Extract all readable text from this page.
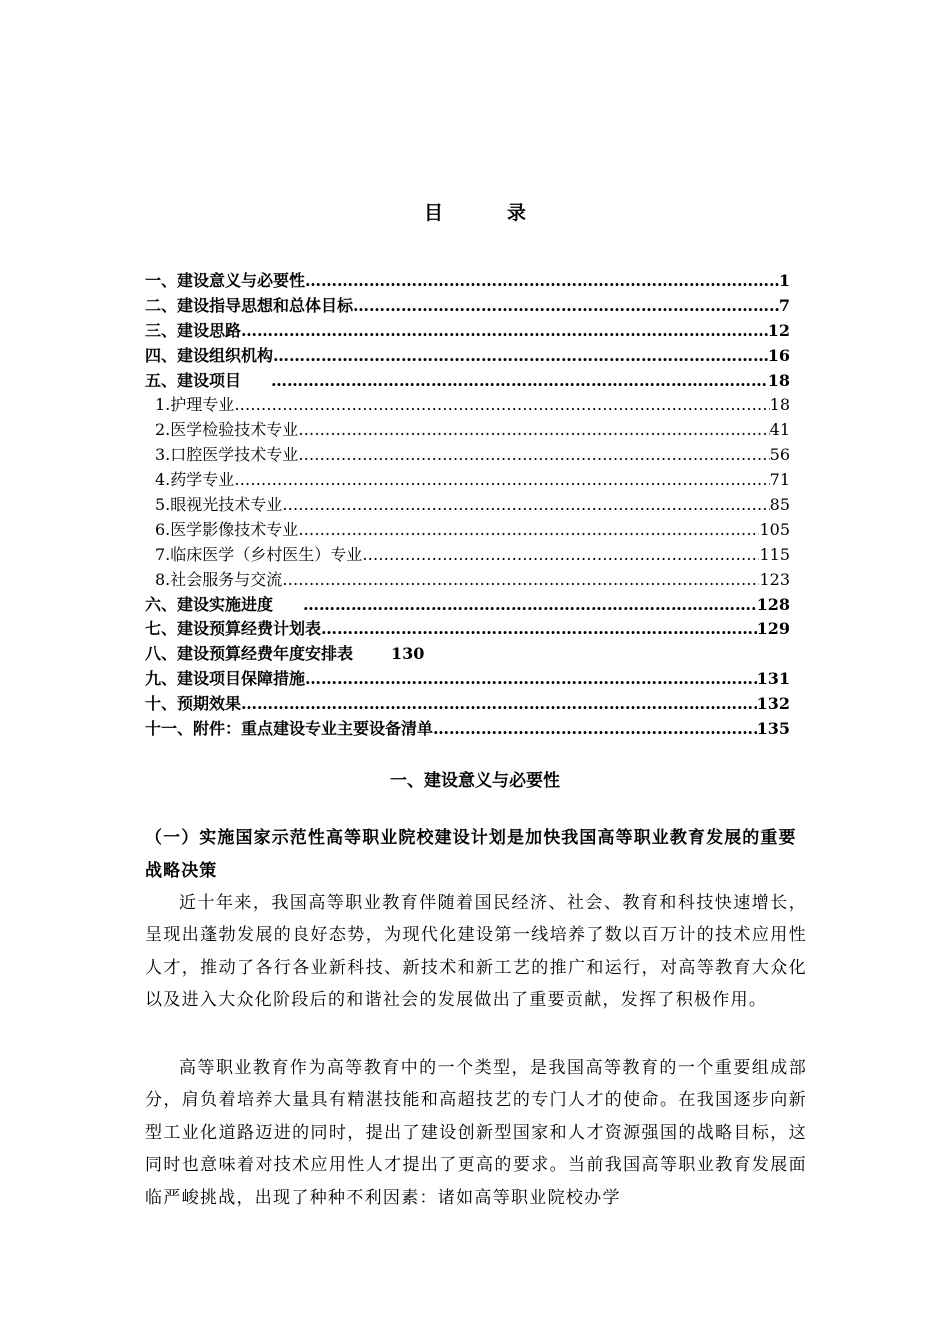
目	录
一、建设意义与必要性 ……………………………………………………………………………………………………………………………………………………………………	1
二、建设指导思想和总体目标 ……………………………………………………………………………………………………………………………………………………………………	7
三、建设思路 ……………………………………………………………………………………………………………………………………………………………………	12
四、建设组织机构 ……………………………………………………………………………………………………………………………………………………………………	16
五、建设项目 ……………………………………………………………………………………………………………………………………………………………………	18
1. 护理专业 ……………………………………………………………………………………………………………………………………………………………………	18
2. 医学检验技术专业 ……………………………………………………………………………………………………………………………………………………………………	41
3. 口腔医学技术专业 ……………………………………………………………………………………………………………………………………………………………………	56
4. 药学专业 ……………………………………………………………………………………………………………………………………………………………………	71
5. 眼视光技术专业 ……………………………………………………………………………………………………………………………………………………………………	85
6. 医学影像技术专业 ……………………………………………………………………………………………………………………………………………………………………	105
7. 临床医学（乡村医生）专业 ……………………………………………………………………………………………………………………………………………………………………	115
8. 社会服务与交流 ……………………………………………………………………………………………………………………………………………………………………	123
六、建设实施进度 ……………………………………………………………………………………………………………………………………………………………………	128
七、建设预算经费计划表 ……………………………………………………………………………………………………………………………………………………………………	129
八、建设预算经费年度安排表 130
九、建设项目保障措施 ……………………………………………………………………………………………………………………………………………………………………	131
十、预期效果 ……………………………………………………………………………………………………………………………………………………………………	132
十一、附件：重点建设专业主要设备清单 ……………………………………………………………………………………………………………………………………………………………………	135
一、建设意义与必要性
（一）实施国家示范性高等职业院校建设计划是加快我国高等职业教育发展的重要战略决策
近十年来，我国高等职业教育伴随着国民经济、社会、教育和科技快速增长，呈现出蓬勃发展的良好态势，为现代化建设第一线培养了数以百万计的技术应用性人才，推动了各行各业新科技、新技术和新工艺的推广和运行，对高等教育大众化以及进入大众化阶段后的和谐社会的发展做出了重要贡献，发挥了积极作用。
高等职业教育作为高等教育中的一个类型，是我国高等教育的一个重要组成部分，肩负着培养大量具有精湛技能和高超技艺的专门人才的使命。在我国逐步向新型工业化道路迈进的同时，提出了建设创新型国家和人才资源强国的战略目标，这同时也意味着对技术应用性人才提出了更高的要求。当前我国高等职业教育发展面临严峻挑战，出现了种种不利因素：诸如高等职业院校办学
